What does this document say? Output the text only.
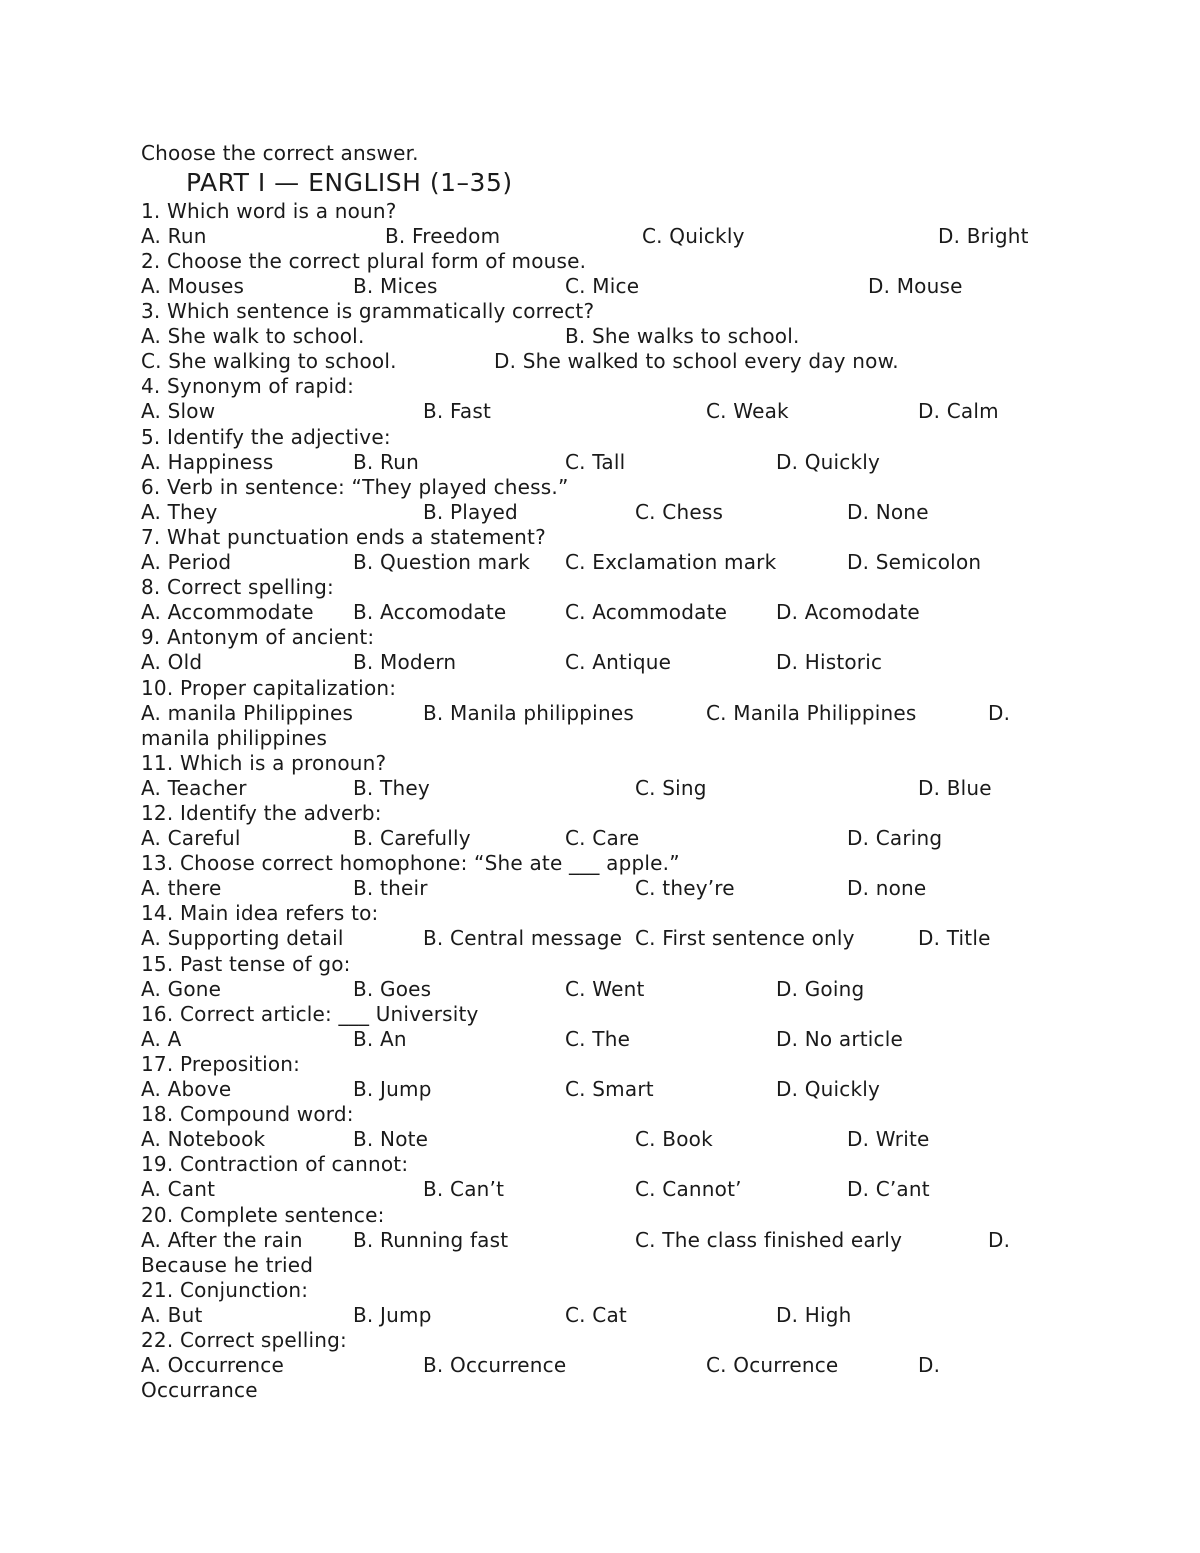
Choose the correct answer.
PART I — ENGLISH (1–35)
1. Which word is a noun?
A. Run	B. Freedom	C. Quickly	D. Bright
2. Choose the correct plural form of mouse.
A. Mouses	B. Mices	C. Mice	D. Mouse
3. Which sentence is grammatically correct?
A. She walk to school.	B. She walks to school.
C. She walking to school.	D. She walked to school every day now.
4. Synonym of rapid:
A. Slow	B. Fast	C. Weak	D. Calm
5. Identify the adjective:
A. Happiness	B. Run	C. Tall	D. Quickly
6. Verb in sentence: “They played chess.”
A. They	B. Played	C. Chess	D. None
7. What punctuation ends a statement?
A. Period	B. Question mark C. Exclamation mark	D. Semicolon
8. Correct spelling:
A. Accommodate B. Accomodate	C. Acommodate D. Acomodate
9. Antonym of ancient:
A. Old	B. Modern	C. Antique	D. Historic
10. Proper capitalization:
A. manila Philippines	B. Manila philippines	C. Manila Philippines	D.
manila philippines
11. Which is a pronoun?
A. Teacher	B. They	C. Sing	D. Blue
12. Identify the adverb:
A. Careful	B. Carefully	C. Care	D. Caring
13. Choose correct homophone: “She ate ___ apple.”
A. there	B. their	C. they’re	D. none
14. Main idea refers to:
A. Supporting detail	B. Central message C. First sentence only	D. Title
15. Past tense of go:
A. Gone	B. Goes	C. Went	D. Going
16. Correct article: ___ University
A. A	B. An	C. The	D. No article
17. Preposition:
A. Above	B. Jump	C. Smart	D. Quickly
18. Compound word:
A. Notebook	B. Note	C. Book	D. Write
19. Contraction of cannot:
A. Cant	B. Can’t	C. Cannot’	D. C’ant
20. Complete sentence:
A. After the rain	B. Running fast	C. The class finished early	D.
Because he tried
21. Conjunction:
A. But	B. Jump	C. Cat	D. High
22. Correct spelling:
A. Occurrence	B. Occurrence	C. Ocurrence	D.
Occurrance
